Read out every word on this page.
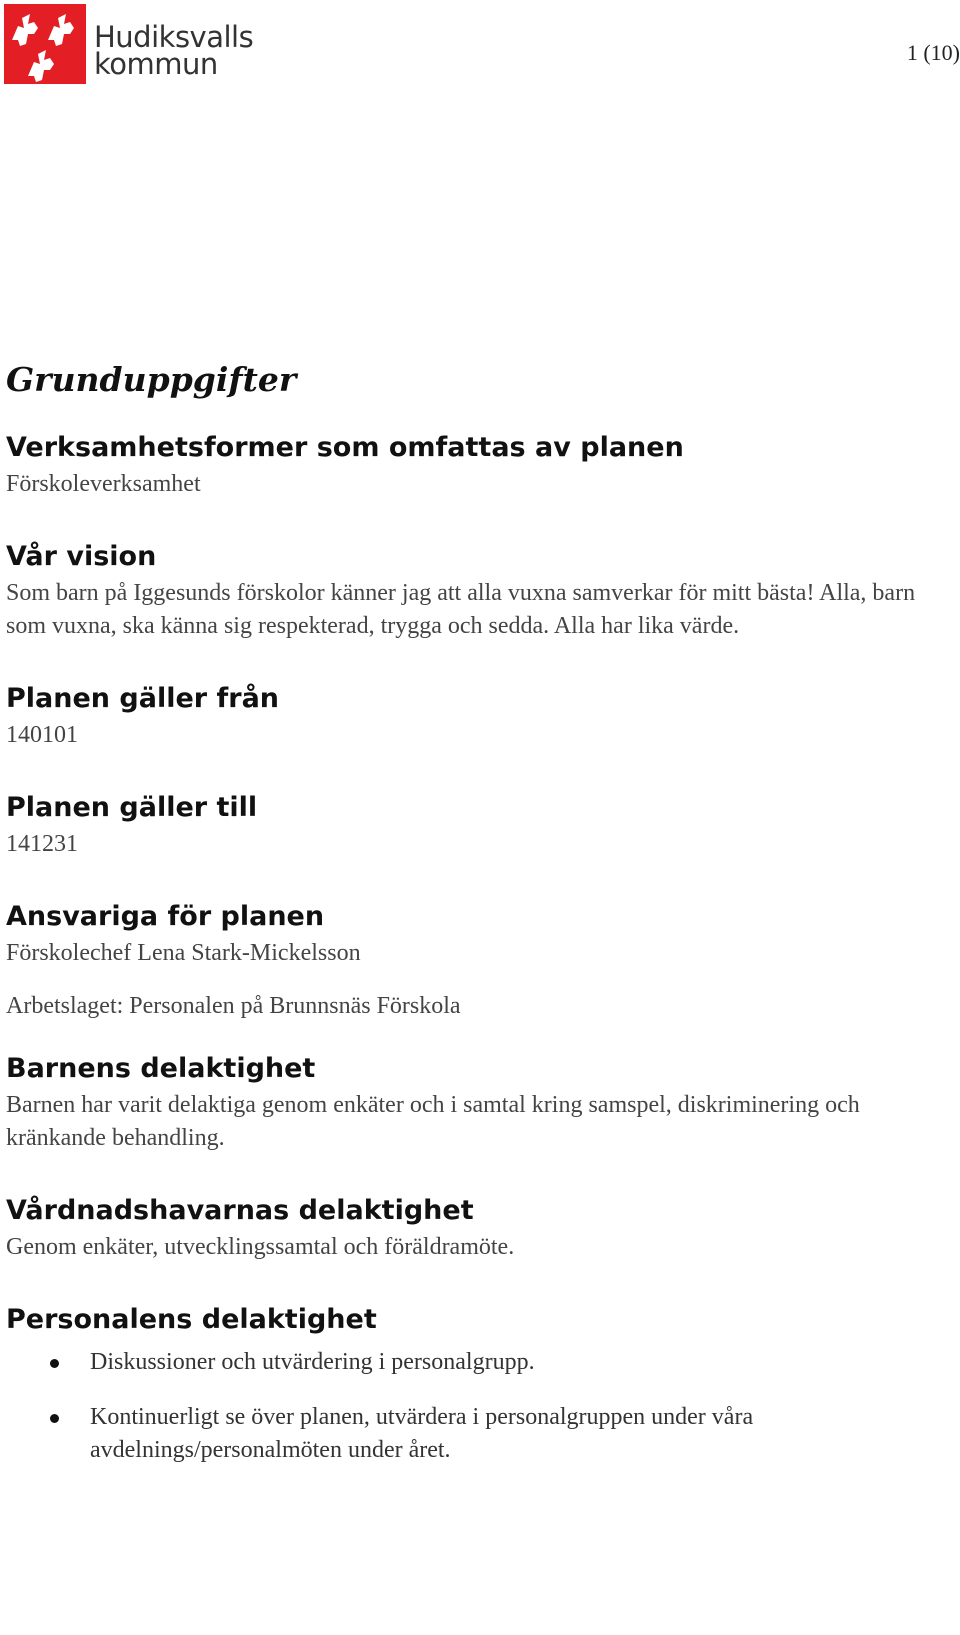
Hudiksvalls
kommun	1 (10)
Grunduppgifter
Verksamhetsformer som omfattas av planen

Förskoleverksamhet

Vår vision

Som barn på Iggesunds förskolor känner jag att alla vuxna samverkar för mitt bästa! Alla, barn som vuxna, ska känna sig respekterad, trygga och sedda. Alla har lika värde.

Planen gäller från

140101

Planen gäller till

141231

Ansvariga för planen

Förskolechef Lena Stark-Mickelsson

Arbetslaget: Personalen på Brunnsnäs Förskola

Barnens delaktighet

Barnen har varit delaktiga genom enkäter och i samtal kring samspel, diskriminering och kränkande behandling.

Vårdnadshavarnas delaktighet

Genom enkäter, utvecklingssamtal och föräldramöte.

Personalens delaktighet
Diskussioner och utvärdering i personalgrupp.
Kontinuerligt se över planen, utvärdera i personalgruppen under våra avdelnings/personalmöten under året.
